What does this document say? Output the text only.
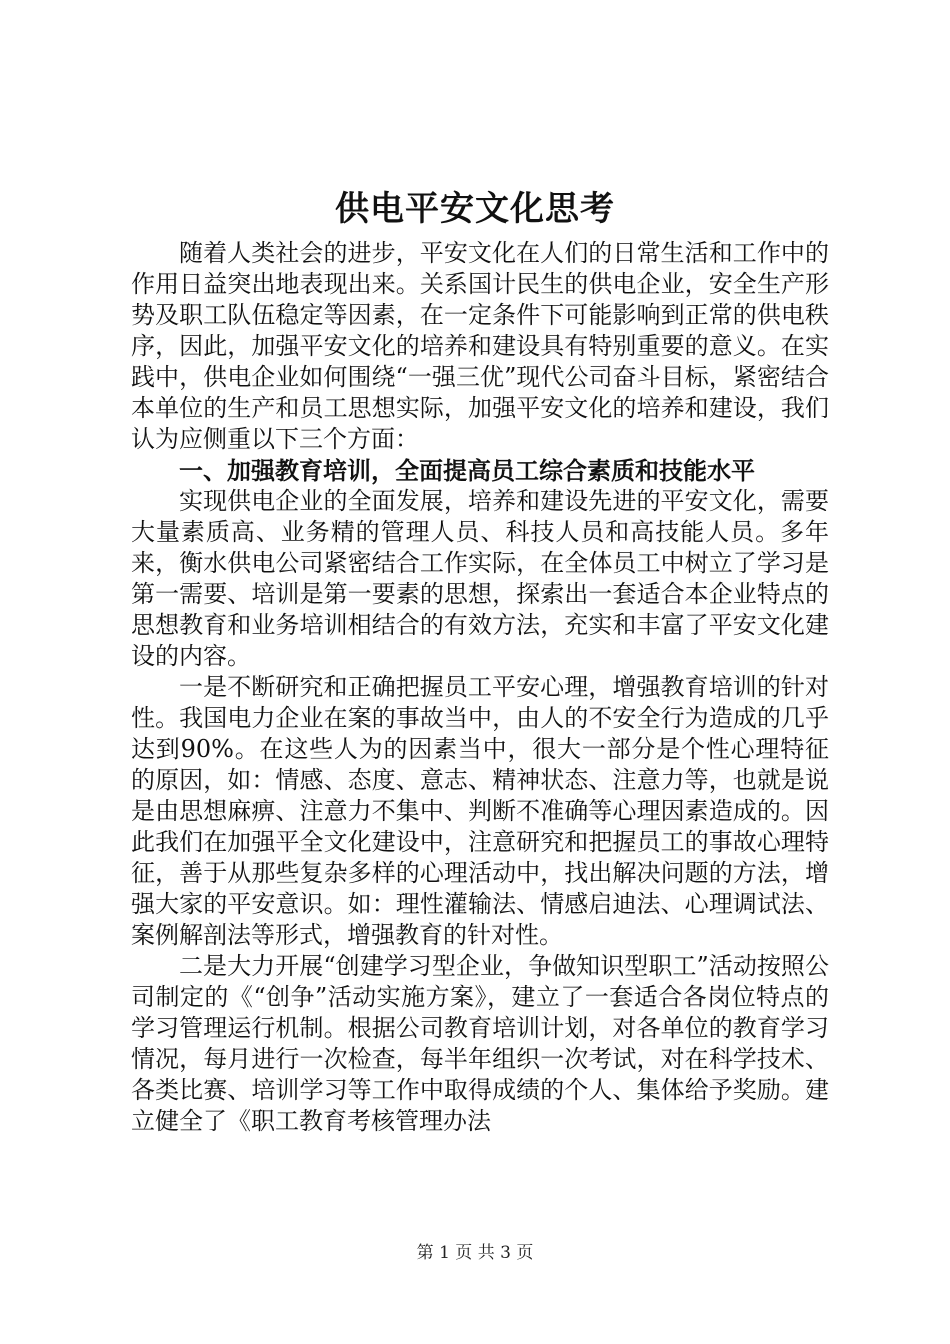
供电平安文化思考

随着人类社会的进步，平安文化在人们的日常生活和工作中的作用日益突出地表现出来。关系国计民生的供电企业，安全生产形势及职工队伍稳定等因素，在一定条件下可能影响到正常的供电秩序，因此，加强平安文化的培养和建设具有特别重要的意义。在实践中，供电企业如何围绕“一强三优”现代公司奋斗目标，紧密结合本单位的生产和员工思想实际，加强平安文化的培养和建设，我们认为应侧重以下三个方面：

一、加强教育培训，全面提高员工综合素质和技能水平

实现供电企业的全面发展，培养和建设先进的平安文化，需要大量素质高、业务精的管理人员、科技人员和高技能人员。多年来，衡水供电公司紧密结合工作实际，在全体员工中树立了学习是第一需要、培训是第一要素的思想，探索出一套适合本企业特点的思想教育和业务培训相结合的有效方法，充实和丰富了平安文化建设的内容。

一是不断研究和正确把握员工平安心理，增强教育培训的针对性。我国电力企业在案的事故当中，由人的不安全行为造成的几乎达到90%。在这些人为的因素当中，很大一部分是个性心理特征的原因，如：情感、态度、意志、精神状态、注意力等，也就是说是由思想麻痹、注意力不集中、判断不准确等心理因素造成的。因此我们在加强平全文化建设中，注意研究和把握员工的事故心理特征，善于从那些复杂多样的心理活动中，找出解决问题的方法，增强大家的平安意识。如：理性灌输法、情感启迪法、心理调试法、案例解剖法等形式，增强教育的针对性。

二是大力开展“创建学习型企业，争做知识型职工”活动按照公司制定的《“创争”活动实施方案》，建立了一套适合各岗位特点的学习管理运行机制。根据公司教育培训计划，对各单位的教育学习情况，每月进行一次检查，每半年组织一次考试，对在科学技术、各类比赛、培训学习等工作中取得成绩的个人、集体给予奖励。建立健全了《职工教育考核管理办法

第 1 页 共 3 页
